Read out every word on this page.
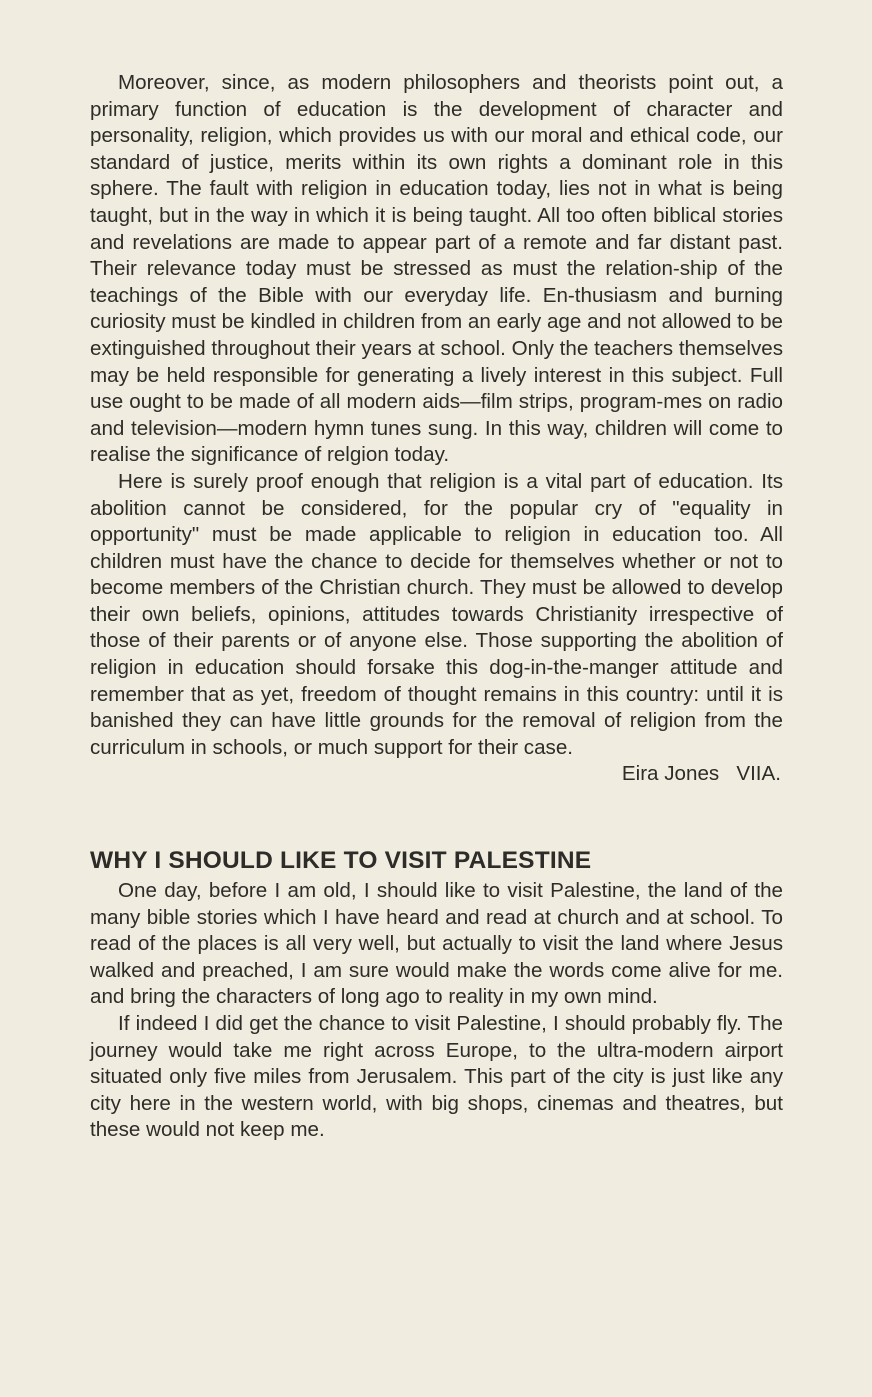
Moreover, since, as modern philosophers and theorists point out, a primary function of education is the development of character and personality, religion, which provides us with our moral and ethical code, our standard of justice, merits within its own rights a dominant role in this sphere. The fault with religion in education today, lies not in what is being taught, but in the way in which it is being taught. All too often biblical stories and revelations are made to appear part of a remote and far distant past. Their relevance today must be stressed as must the relation-ship of the teachings of the Bible with our everyday life. En-thusiasm and burning curiosity must be kindled in children from an early age and not allowed to be extinguished throughout their years at school. Only the teachers themselves may be held responsible for generating a lively interest in this subject. Full use ought to be made of all modern aids—film strips, program-mes on radio and television—modern hymn tunes sung. In this way, children will come to realise the significance of relgion today.

Here is surely proof enough that religion is a vital part of education. Its abolition cannot be considered, for the popular cry of "equality in opportunity" must be made applicable to religion in education too. All children must have the chance to decide for themselves whether or not to become members of the Christian church. They must be allowed to develop their own beliefs, opinions, attitudes towards Christianity irrespective of those of their parents or of anyone else. Those supporting the abolition of religion in education should forsake this dog-in-the-manger attitude and remember that as yet, freedom of thought remains in this country: until it is banished they can have little grounds for the removal of religion from the curriculum in schools, or much support for their case.

Eira Jones   VIIA.

WHY I SHOULD LIKE TO VISIT PALESTINE

One day, before I am old, I should like to visit Palestine, the land of the many bible stories which I have heard and read at church and at school. To read of the places is all very well, but actually to visit the land where Jesus walked and preached, I am sure would make the words come alive for me. and bring the characters of long ago to reality in my own mind.

If indeed I did get the chance to visit Palestine, I should probably fly. The journey would take me right across Europe, to the ultra-modern airport situated only five miles from Jerusalem. This part of the city is just like any city here in the western world, with big shops, cinemas and theatres, but these would not keep me.
